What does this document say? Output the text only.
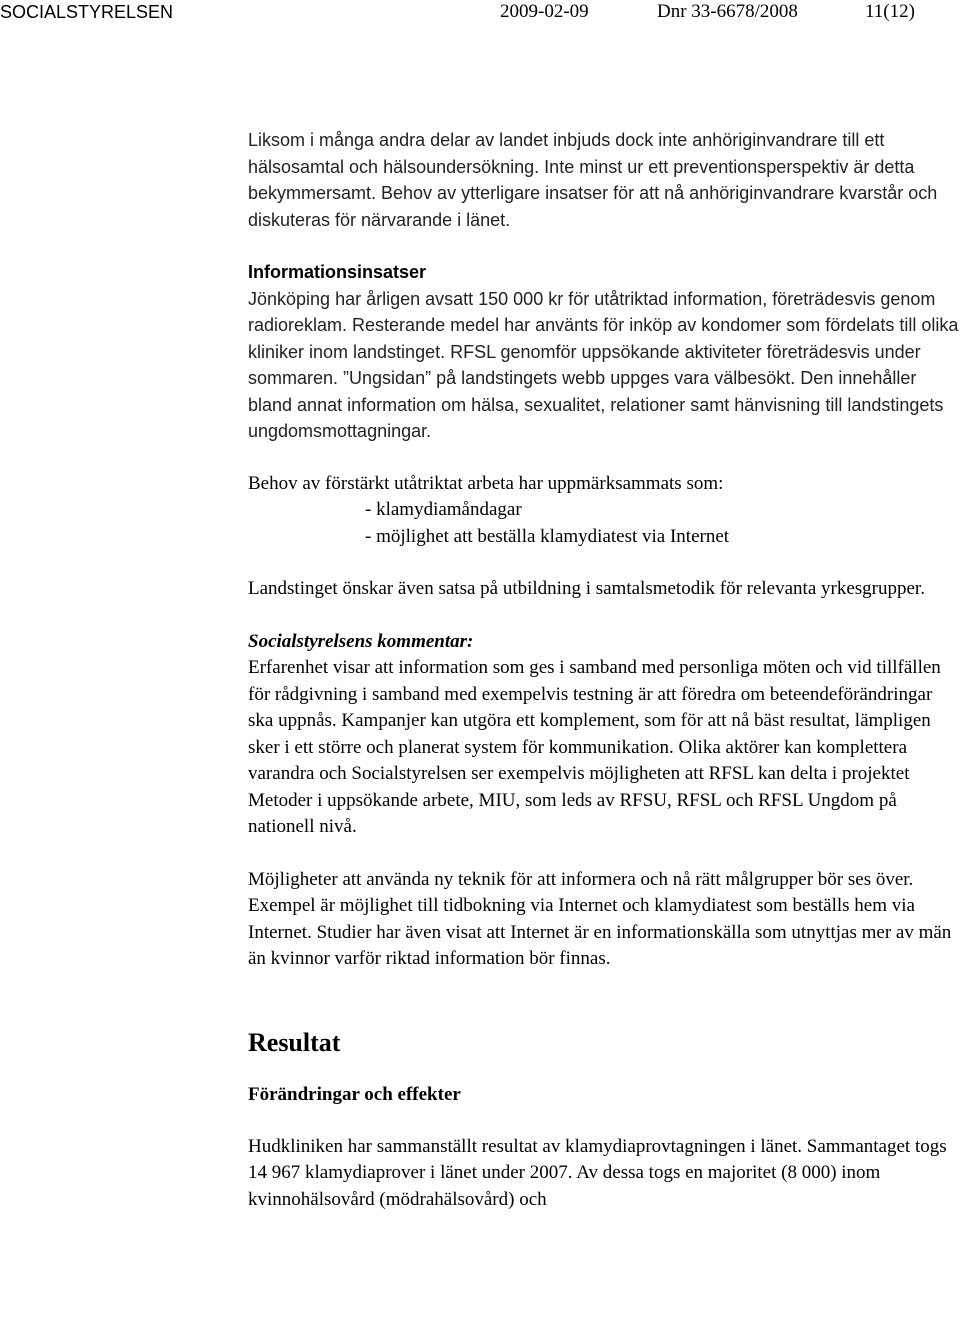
SOCIALSTYRELSEN	2009-02-09	Dnr 33-6678/2008	11(12)

Liksom i många andra delar av landet inbjuds dock inte anhöriginvandrare till ett hälsosamtal och hälsoundersökning. Inte minst ur ett preventionsperspektiv är detta bekymmersamt. Behov av ytterligare insatser för att nå anhöriginvandrare kvarstår och diskuteras för närvarande i länet.

Informationsinsatser

Jönköping har årligen avsatt 150 000 kr för utåtriktad information, företrädesvis genom radioreklam. Resterande medel har använts för inköp av kondomer som fördelats till olika kliniker inom landstinget. RFSL genomför uppsökande aktiviteter företrädesvis under sommaren. ”Ungsidan” på landstingets webb uppges vara välbesökt. Den innehåller bland annat information om hälsa, sexualitet, relationer samt hänvisning till landstingets ungdomsmottagningar.

Behov av förstärkt utåtriktat arbeta har uppmärksammats som:

- klamydiamåndagar
- möjlighet att beställa klamydiatest via Internet

Landstinget önskar även satsa på utbildning i samtalsmetodik för relevanta yrkesgrupper.

Socialstyrelsens kommentar:

Erfarenhet visar att information som ges i samband med personliga möten och vid tillfällen för rådgivning i samband med exempelvis testning är att föredra om beteendeförändringar ska uppnås. Kampanjer kan utgöra ett komplement, som för att nå bäst resultat, lämpligen sker i ett större och planerat system för kommunikation. Olika aktörer kan komplettera varandra och Socialstyrelsen ser exempelvis möjligheten att RFSL kan delta i projektet Metoder i uppsökande arbete, MIU, som leds av RFSU, RFSL och RFSL Ungdom på nationell nivå.

Möjligheter att använda ny teknik för att informera och nå rätt målgrupper bör ses över. Exempel är möjlighet till tidbokning via Internet och klamydiatest som beställs hem via Internet. Studier har även visat att Internet är en informationskälla som utnyttjas mer av män än kvinnor varför riktad information bör finnas.

Resultat
Förändringar och effekter

Hudkliniken har sammanställt resultat av klamydiaprovtagningen i länet. Sammantaget togs 14 967 klamydiaprover i länet under 2007. Av dessa togs en majoritet (8 000) inom kvinnohälsovård (mödrahälsovård) och
